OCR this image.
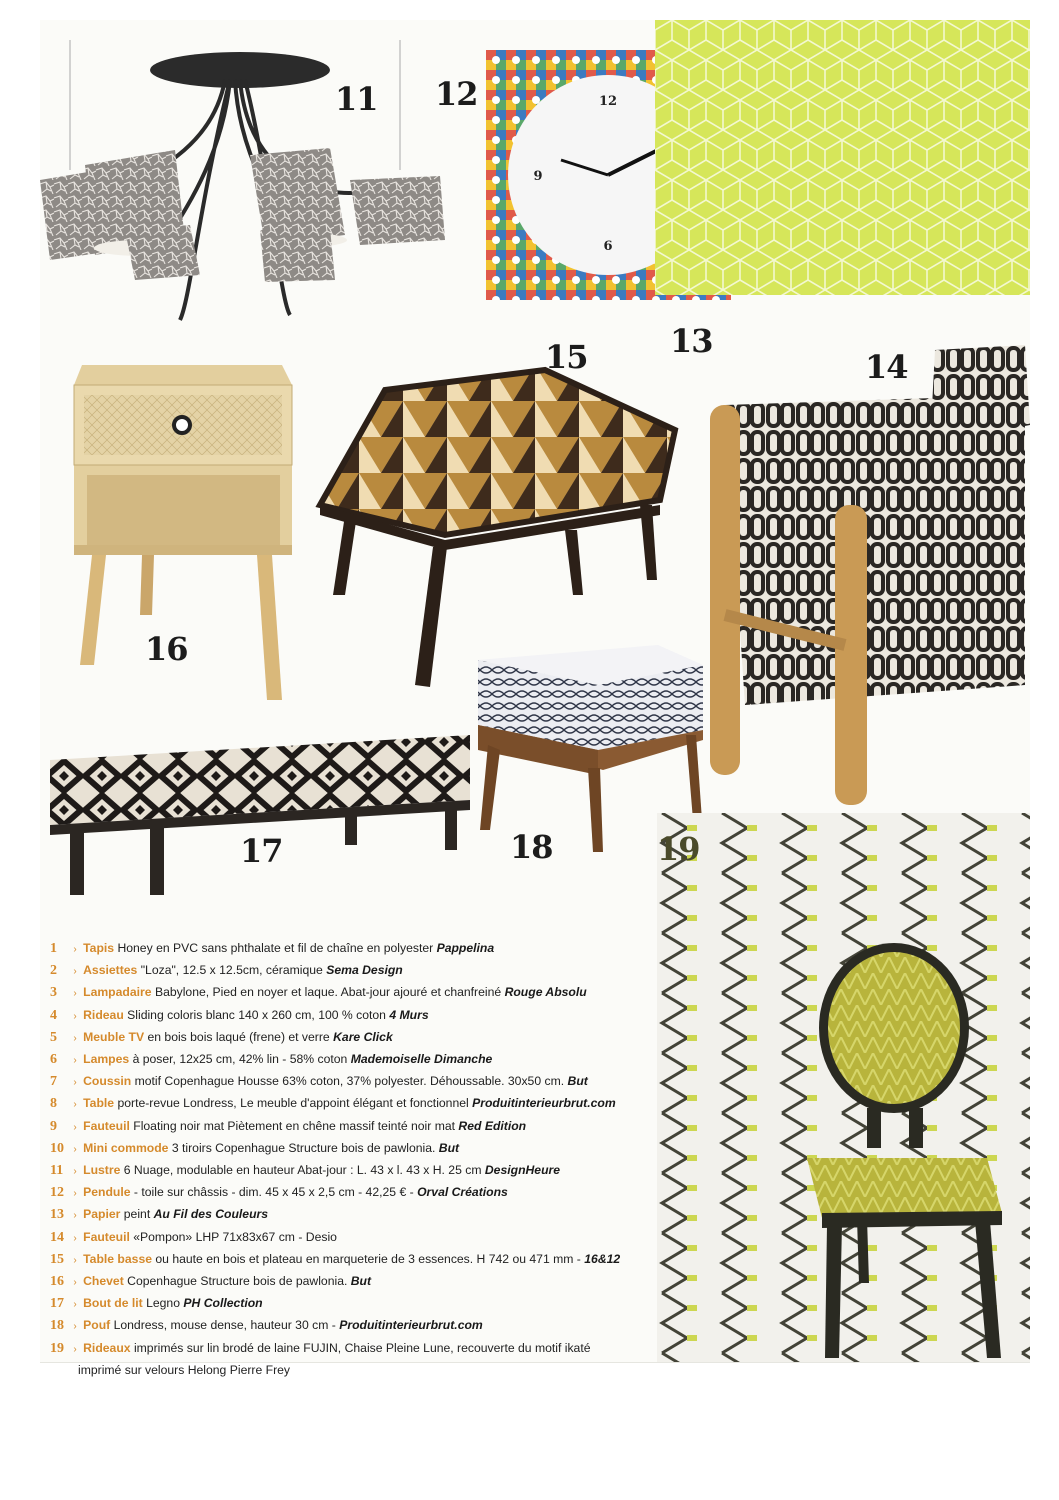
11 12	12
6
9
13
14
15
16
17	18	19
1 › Tapis Honey en PVC sans phthalate et fil de chaîne en polyester Pappelina
2 › Assiettes "Loza", 12.5 x 12.5cm, céramique Sema Design
3 › Lampadaire Babylone, Pied en noyer et laque. Abat-jour ajouré et chanfreiné Rouge Absolu
4 › Rideau Sliding coloris blanc 140 x 260 cm, 100 % coton 4 Murs
5 › Meuble TV en bois bois laqué (frene) et verre Kare Click
6 › Lampes à poser, 12x25 cm, 42% lin - 58% coton Mademoiselle Dimanche
7 › Coussin motif Copenhague Housse 63% coton, 37% polyester. Déhoussable. 30x50 cm. But
8 › Table porte-revue Londress, Le meuble d'appoint élégant et fonctionnel Produitinterieurbrut.com
9 › Fauteuil Floating noir mat Piètement en chêne massif teinté noir mat Red Edition
10 › Mini commode 3 tiroirs Copenhague Structure bois de pawlonia. But
11 › Lustre 6 Nuage, modulable en hauteur Abat-jour : L. 43 x l. 43 x H. 25 cm DesignHeure
12 › Pendule - toile sur châssis - dim. 45 x 45 x 2,5 cm - 42,25 € - Orval Créations
13 › Papier peint Au Fil des Couleurs
14 › Fauteuil «Pompon» LHP 71x83x67 cm - Desio
15 › Table basse ou haute en bois et plateau en marqueterie de 3 essences. H 742 ou 471 mm - 16&12
16 › Chevet Copenhague Structure bois de pawlonia. But
17 › Bout de lit Legno PH Collection
18 › Pouf Londress, mouse dense, hauteur 30 cm - Produitinterieurbrut.com
19 › Rideaux imprimés sur lin brodé de laine FUJIN, Chaise Pleine Lune, recouverte du motif ikaté
imprimé sur velours Helong Pierre Frey
